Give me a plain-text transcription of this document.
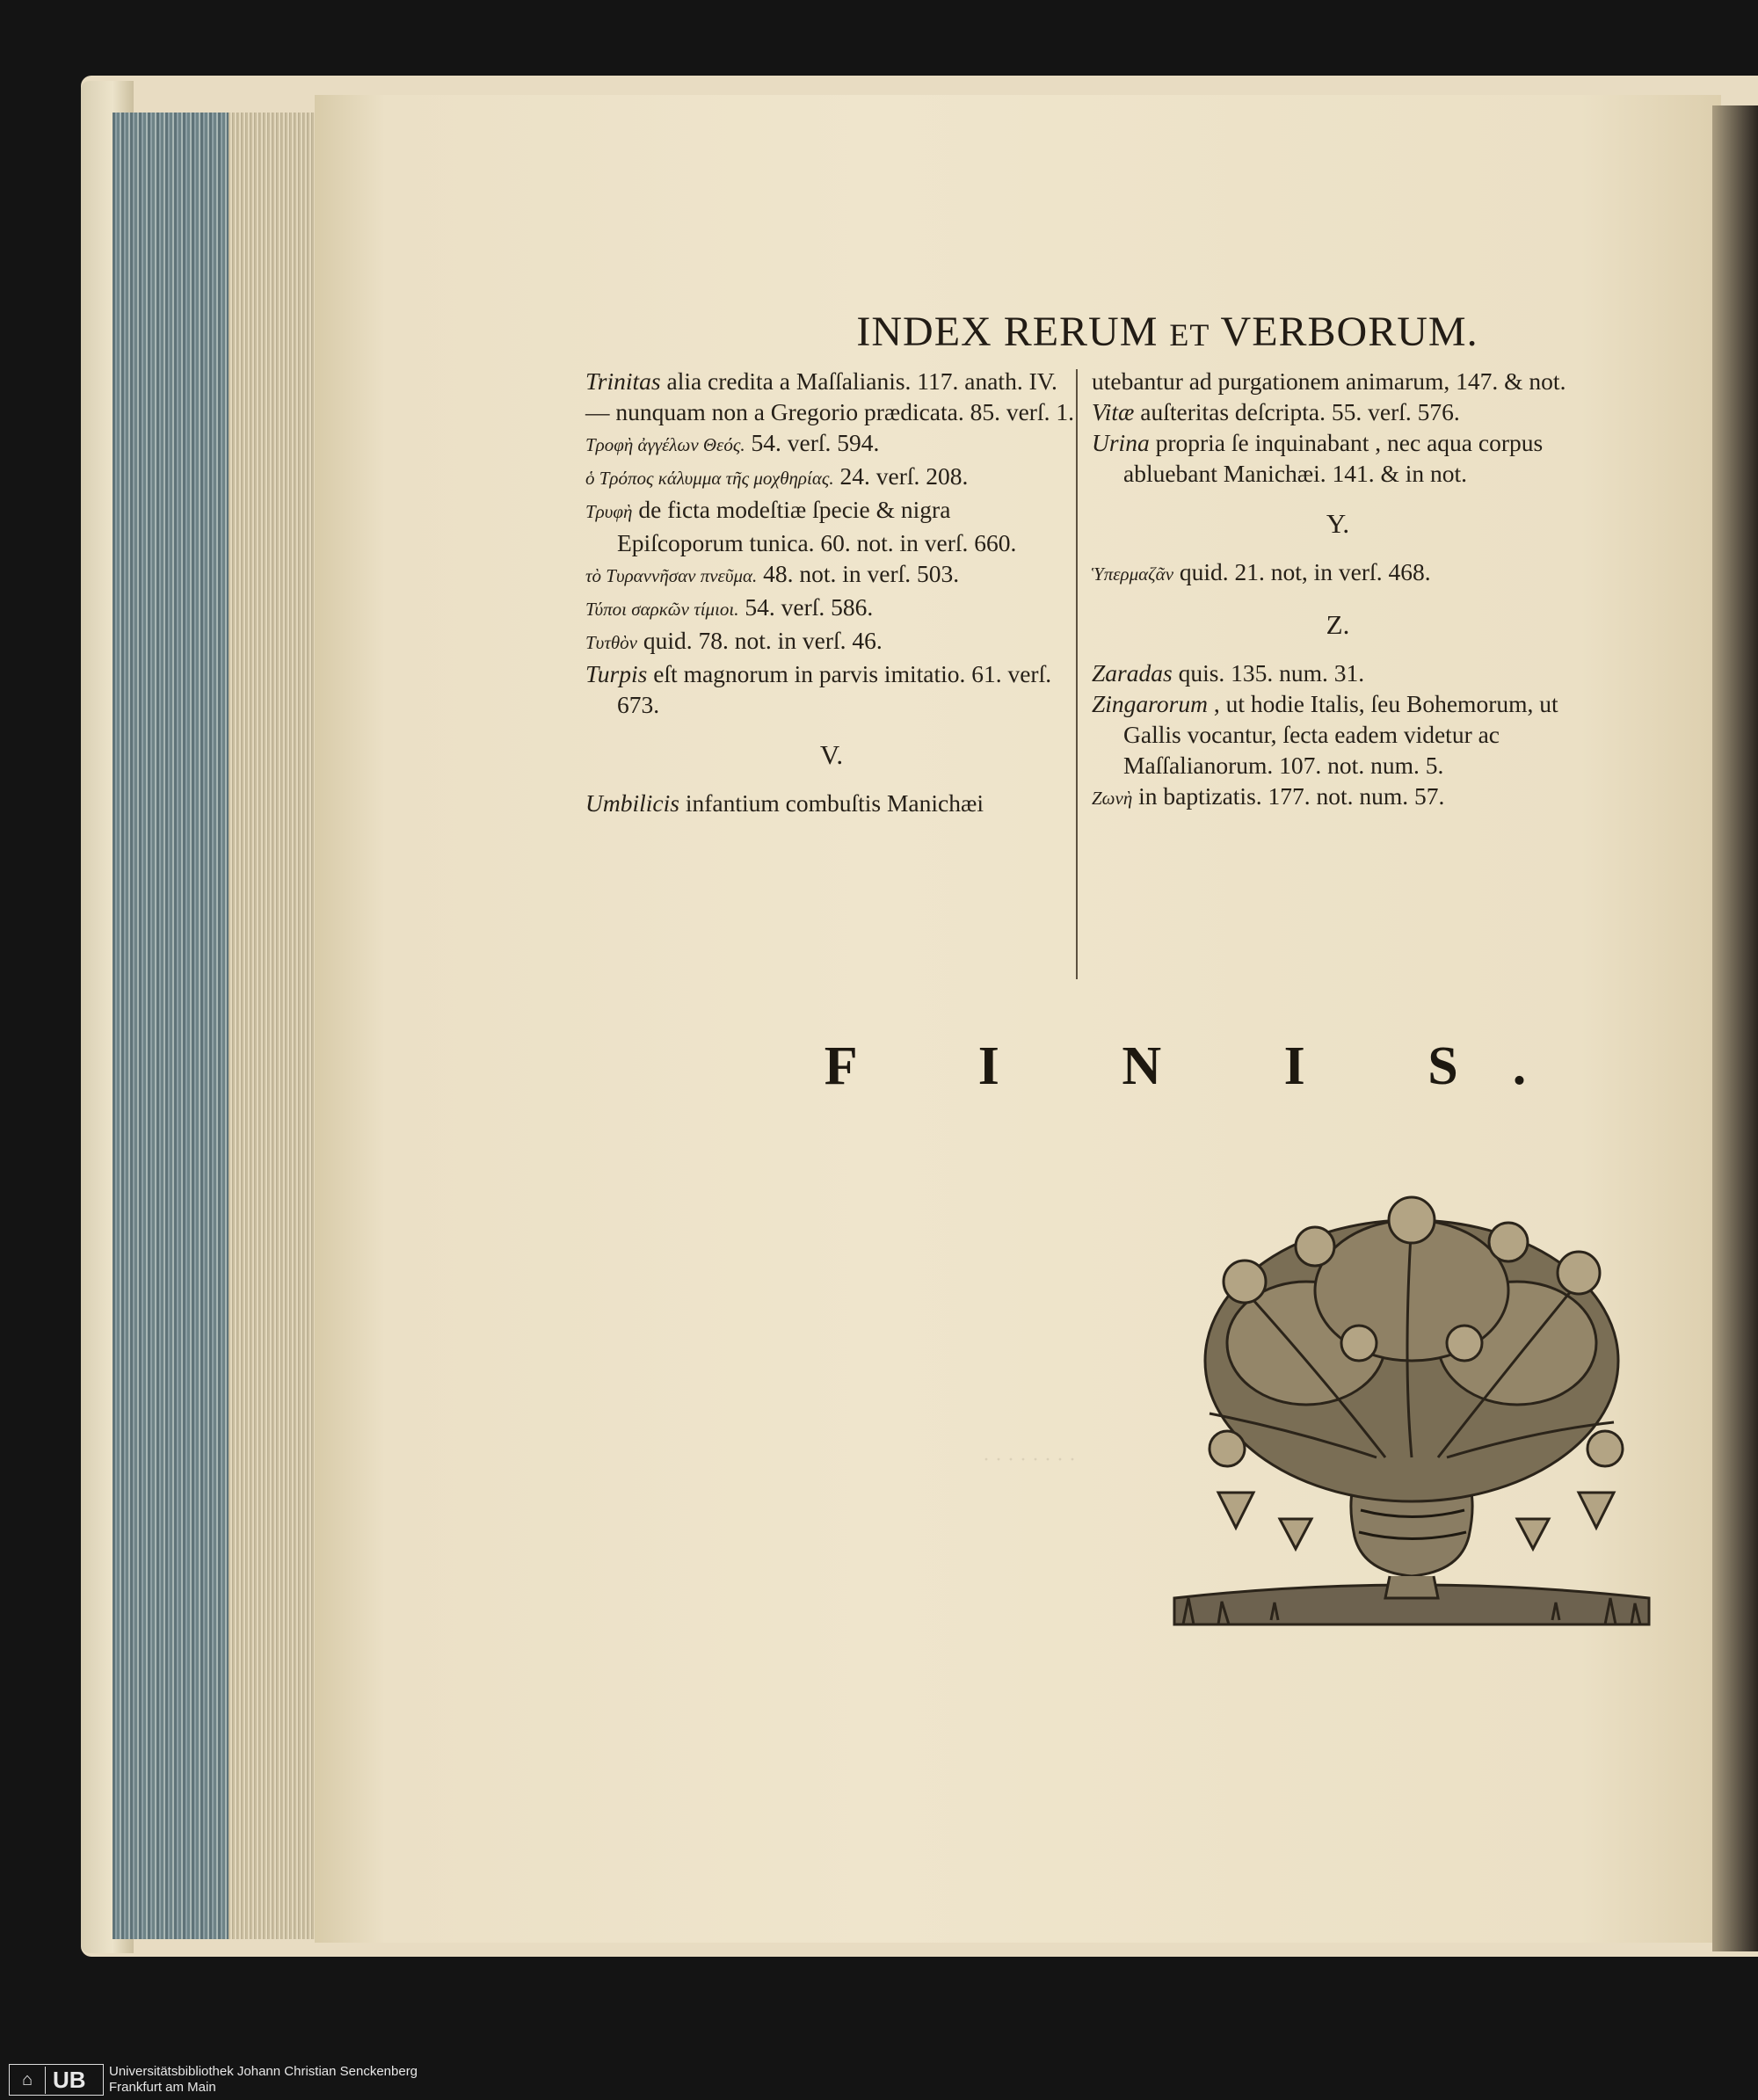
INDEX RERUM ET VERBORUM.
Trinitas alia credita a Maſſalianis. 117. anath. IV.
— nunquam non a Gregorio prædicata. 85. verſ. 1.
Τροφὴ ἀγγέλων Θεός. 54. verſ. 594.
ὁ Τρόπος κάλυμμα τῆς μοχθηρίας. 24. verſ. 208.
Τρυφὴ de ficta modeſtiæ ſpecie & nigra Epiſcoporum tunica. 60. not. in verſ. 660.
τὸ Τυραννῆσαν πνεῦμα. 48. not. in verſ. 503.
Τύποι σαρκῶν τίμιοι. 54. verſ. 586.
Τυτθὸν quid. 78. not. in verſ. 46.
Turpis eſt magnorum in parvis imitatio. 61. verſ. 673.
V.
Umbilicis infantium combuſtis Manichæi
utebantur ad purgationem animarum, 147. & not.
Vitæ auſteritas deſcripta. 55. verſ. 576.
Urina propria ſe inquinabant , nec aqua corpus abluebant Manichæi. 141. & in not.
Y.
Ὑπερμαζᾶν quid. 21. not, in verſ. 468.
Z.
Zaradas quis. 135. num. 31.
Zingarorum , ut hodie Italis, ſeu Bohemorum, ut Gallis vocantur, ſecta eadem videtur ac Maſſalianorum. 107. not. num. 5.
Ζωνὴ in baptizatis. 177. not. num. 57.
F I N I S.
· · · · · · · ·
⌂ UB Universitätsbibliothek Johann Christian Senckenberg
Frankfurt am Main
